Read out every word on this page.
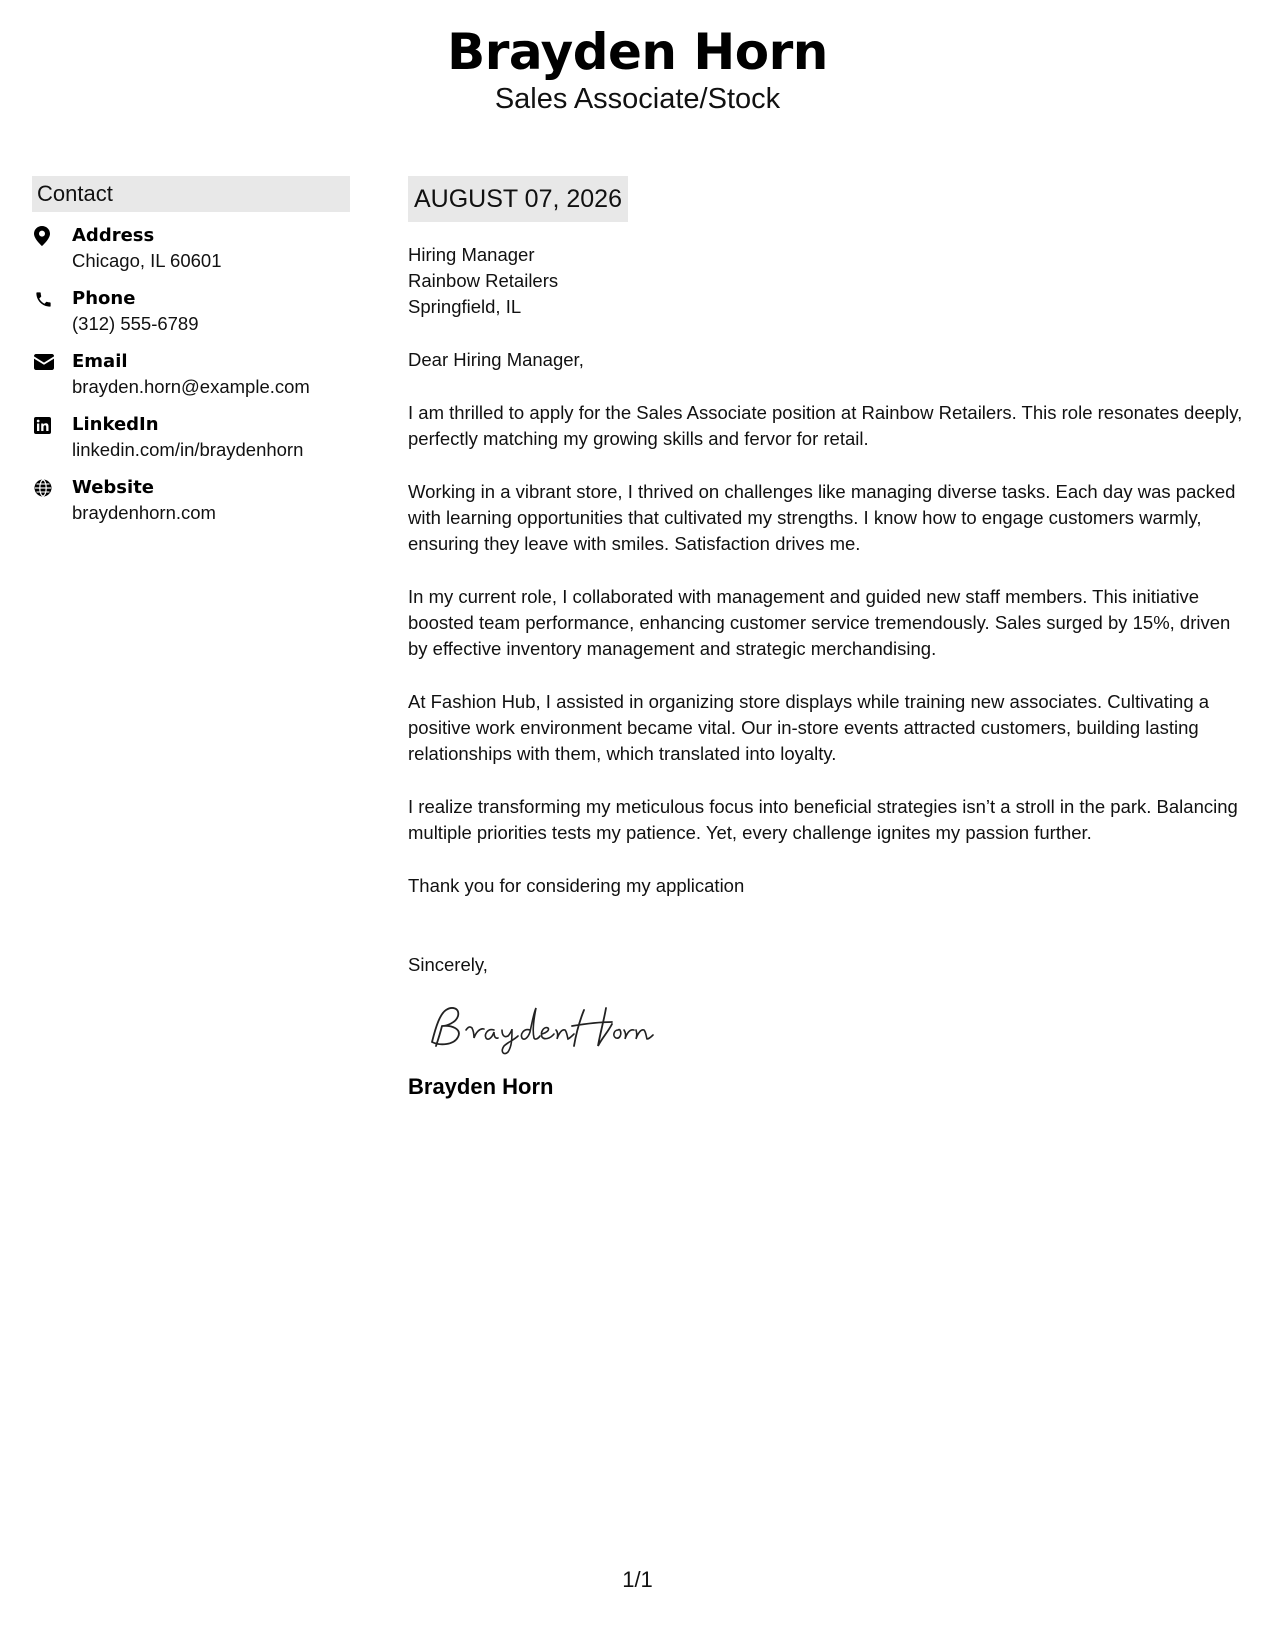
Brayden Horn
Sales Associate/Stock
Contact
Address
Chicago, IL 60601
Phone
(312) 555-6789
Email
brayden.horn@example.com
LinkedIn
linkedin.com/in/braydenhorn
Website
braydenhorn.com
AUGUST 07, 2026
Hiring Manager
Rainbow Retailers
Springfield, IL
Dear Hiring Manager,
I am thrilled to apply for the Sales Associate position at Rainbow Retailers. This role resonates deeply, perfectly matching my growing skills and fervor for retail.
Working in a vibrant store, I thrived on challenges like managing diverse tasks. Each day was packed with learning opportunities that cultivated my strengths. I know how to engage customers warmly, ensuring they leave with smiles. Satisfaction drives me.
In my current role, I collaborated with management and guided new staff members. This initiative boosted team performance, enhancing customer service tremendously. Sales surged by 15%, driven by effective inventory management and strategic merchandising.
At Fashion Hub, I assisted in organizing store displays while training new associates. Cultivating a positive work environment became vital. Our in-store events attracted customers, building lasting relationships with them, which translated into loyalty.
I realize transforming my meticulous focus into beneficial strategies isn’t a stroll in the park. Balancing multiple priorities tests my patience. Yet, every challenge ignites my passion further.
Thank you for considering my application
Sincerely,
Brayden Horn
1/1
